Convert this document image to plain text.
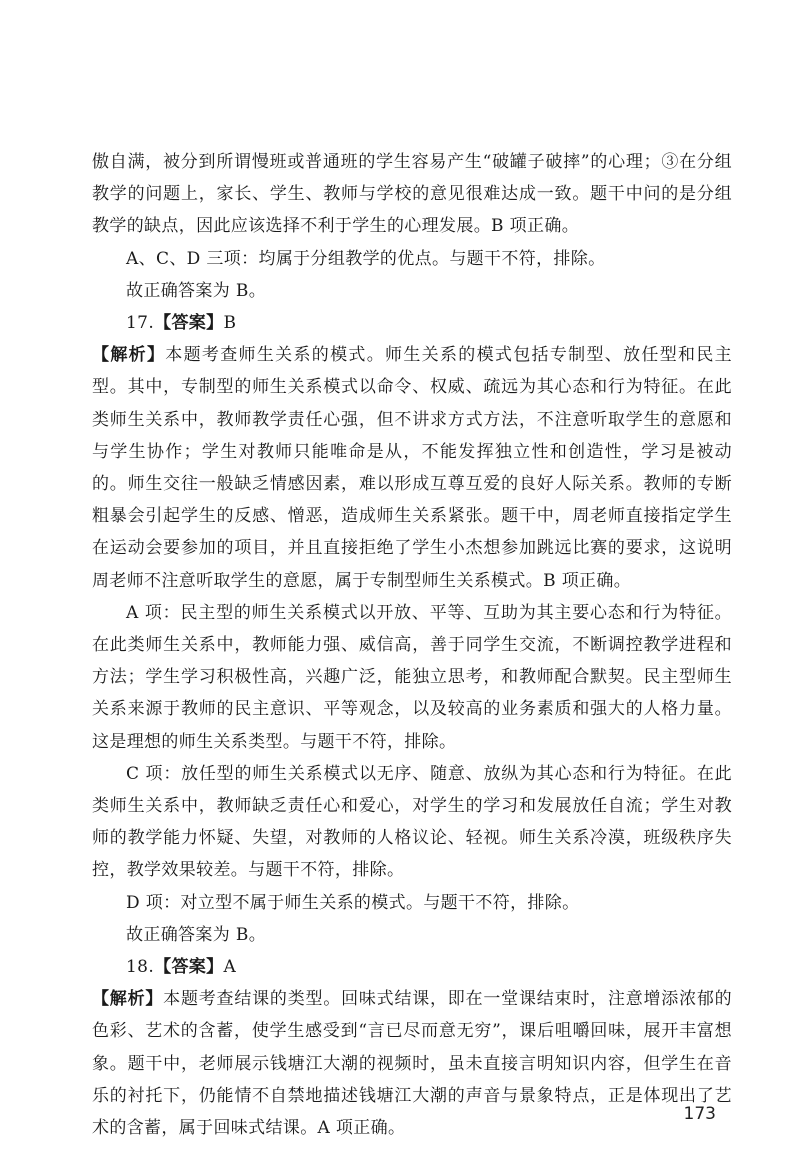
傲自满，被分到所谓慢班或普通班的学生容易产生“破罐子破摔”的心理；③在分组教学的问题上，家长、学生、教师与学校的意见很难达成一致。题干中问的是分组教学的缺点，因此应该选择不利于学生的心理发展。B 项正确。

A、C、D 三项：均属于分组教学的优点。与题干不符，排除。

故正确答案为 B。

17.【答案】B

【解析】本题考查师生关系的模式。师生关系的模式包括专制型、放任型和民主型。其中，专制型的师生关系模式以命令、权威、疏远为其心态和行为特征。在此类师生关系中，教师教学责任心强，但不讲求方式方法，不注意听取学生的意愿和与学生协作；学生对教师只能唯命是从，不能发挥独立性和创造性，学习是被动的。师生交往一般缺乏情感因素，难以形成互尊互爱的良好人际关系。教师的专断粗暴会引起学生的反感、憎恶，造成师生关系紧张。题干中，周老师直接指定学生在运动会要参加的项目，并且直接拒绝了学生小杰想参加跳远比赛的要求，这说明周老师不注意听取学生的意愿，属于专制型师生关系模式。B 项正确。

A 项：民主型的师生关系模式以开放、平等、互助为其主要心态和行为特征。在此类师生关系中，教师能力强、威信高，善于同学生交流，不断调控教学进程和方法；学生学习积极性高，兴趣广泛，能独立思考，和教师配合默契。民主型师生关系来源于教师的民主意识、平等观念，以及较高的业务素质和强大的人格力量。这是理想的师生关系类型。与题干不符，排除。

C 项：放任型的师生关系模式以无序、随意、放纵为其心态和行为特征。在此类师生关系中，教师缺乏责任心和爱心，对学生的学习和发展放任自流；学生对教师的教学能力怀疑、失望，对教师的人格议论、轻视。师生关系冷漠，班级秩序失控，教学效果较差。与题干不符，排除。

D 项：对立型不属于师生关系的模式。与题干不符，排除。

故正确答案为 B。

18.【答案】A

【解析】本题考查结课的类型。回味式结课，即在一堂课结束时，注意增添浓郁的色彩、艺术的含蓄，使学生感受到“言已尽而意无穷”，课后咀嚼回味，展开丰富想象。题干中，老师展示钱塘江大潮的视频时，虽未直接言明知识内容，但学生在音乐的衬托下，仍能情不自禁地描述钱塘江大潮的声音与景象特点，正是体现出了艺术的含蓄，属于回味式结课。A 项正确。

173
